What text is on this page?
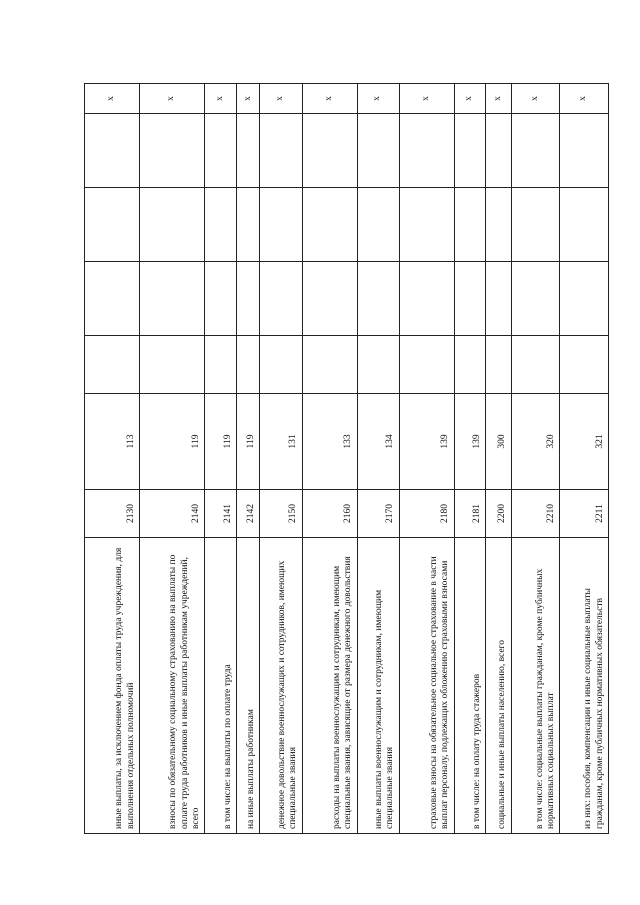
иные выплаты, за исключением фонда оплаты труда учреждения, для выполнения отдельных полномочий	2130	113					x
взносы по обязательному социальному страхованию на выплаты по оплате труда работников и иные выплаты работникам учреждений, всего	2140	119					x
в том числе: на выплаты по оплате труда	2141	119					x
на иные выплаты работникам	2142	119					x
денежное довольствие военнослужащих и сотрудников, имеющих специальные звания	2150	131					x
расходы на выплаты военнослужащим и сотрудникам, имеющим специальные звания, зависящие от размера денежного довольствия	2160	133					x
иные выплаты военнослужащим и сотрудникам, имеющим специальные звания	2170	134					x
страховые взносы на обязательное социальное страхование в части выплат персоналу, подлежащих обложению страховыми взносами	2180	139					x
в том числе: на оплату труда стажеров	2181	139					x
социальные и иные выплаты населению, всего	2200	300					x
в том числе: социальные выплаты гражданам, кроме публичных нормативных социальных выплат	2210	320					x
из них: пособия, компенсации и иные социальные выплаты гражданам, кроме публичных нормативных обязательств	2211	321					x
